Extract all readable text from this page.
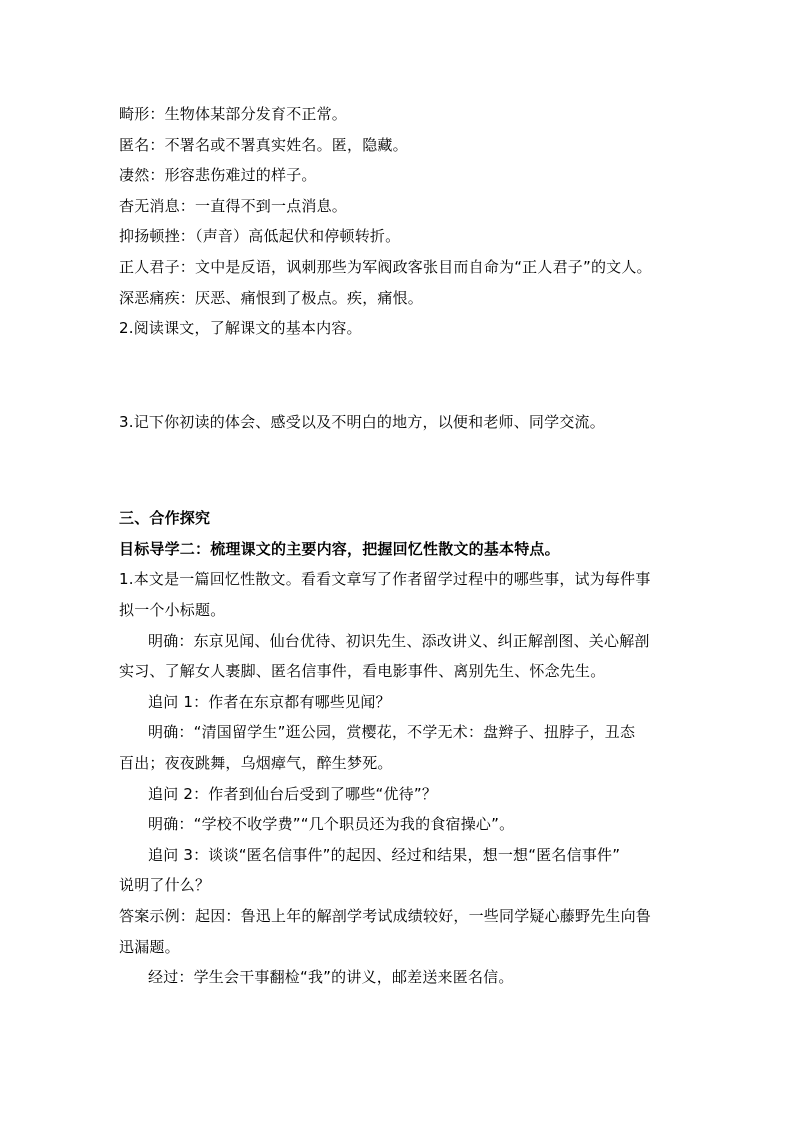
畸形：生物体某部分发育不正常。
匿名：不署名或不署真实姓名。匿，隐藏。
凄然：形容悲伤难过的样子。
杳无消息：一直得不到一点消息。
抑扬顿挫：（声音）高低起伏和停顿转折。
正人君子：文中是反语，讽刺那些为军阀政客张目而自命为“正人君子”的文人。
深恶痛疾：厌恶、痛恨到了极点。疾，痛恨。
2.阅读课文，了解课文的基本内容。
3.记下你初读的体会、感受以及不明白的地方，以便和老师、同学交流。
三、合作探究
目标导学二：梳理课文的主要内容，把握回忆性散文的基本特点。
1.本文是一篇回忆性散文。看看文章写了作者留学过程中的哪些事，试为每件事
拟一个小标题。
明确：东京见闻、仙台优待、初识先生、添改讲义、纠正解剖图、关心解剖
实习、了解女人裹脚、匿名信事件，看电影事件、离别先生、怀念先生。
追问 1：作者在东京都有哪些见闻？
明确：“清国留学生”逛公园，赏樱花，不学无术：盘辫子、扭脖子，丑态
百出；夜夜跳舞，乌烟瘴气，醉生梦死。
追问 2：作者到仙台后受到了哪些“优待”？
明确：“学校不收学费”“几个职员还为我的食宿操心”。
追问 3：谈谈“匿名信事件”的起因、经过和结果，想一想“匿名信事件”
说明了什么？
答案示例：起因：鲁迅上年的解剖学考试成绩较好，一些同学疑心藤野先生向鲁
迅漏题。
经过：学生会干事翻检“我”的讲义，邮差送来匿名信。
